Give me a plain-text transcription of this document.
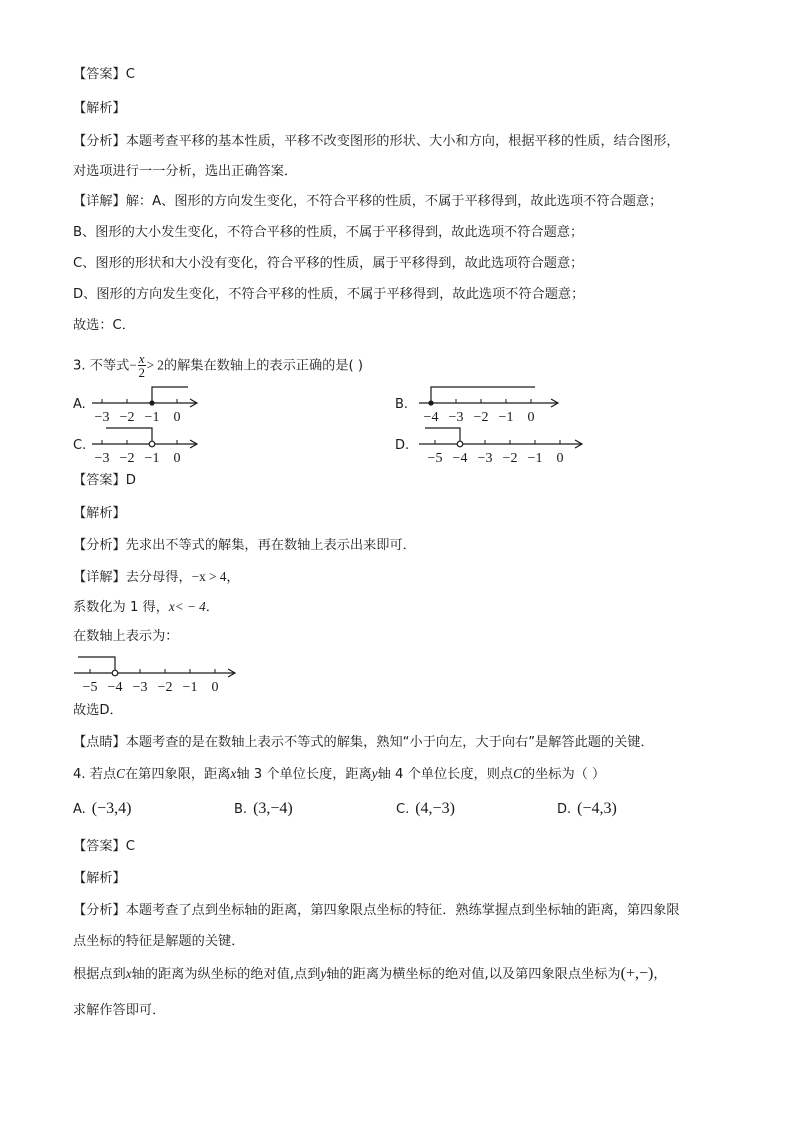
【答案】C
【解析】
【分析】本题考查平移的基本性质，平移不改变图形的形状、大小和方向，根据平移的性质，结合图形，
对选项进行一一分析，选出正确答案．
【详解】解：A、图形的方向发生变化，不符合平移的性质，不属于平移得到，故此选项不符合题意；
B、图形的大小发生变化，不符合平移的性质，不属于平移得到，故此选项不符合题意；
C、图形的形状和大小没有变化，符合平移的性质，属于平移得到，故此选项符合题意；
D、图形的方向发生变化，不符合平移的性质，不属于平移得到，故此选项不符合题意；
故选：C．
3. 不等式− $\frac{x}{2} > 2$的解集在数轴上的表示正确的是( )
A.
−3 −2 −1 0
B.
−4 −3 −2 −1 0
C.
−3 −2 −1 0
D.
−5 −4 −3 −2 −1 0
【答案】D
【解析】
【分析】先求出不等式的解集，再在数轴上表示出来即可．
【详解】去分母得，−x > 4，
系数化为 1 得，x< − 4．
在数轴上表示为：
−5 −4 −3 −2 −1 0
故选D．
【点睛】本题考查的是在数轴上表示不等式的解集，熟知“小于向左，大于向右”是解答此题的关键．
4. 若点C在第四象限，距离x轴 3 个单位长度，距离y轴 4 个单位长度，则点C的坐标为（ ）
A. (−3,4)	B. (3,−4)	C. (4,−3)	D. (−4,3)
【答案】C
【解析】
【分析】本题考查了点到坐标轴的距离，第四象限点坐标的特征．熟练掌握点到坐标轴的距离，第四象限
点坐标的特征是解题的关键．
根据点到x轴的距离为纵坐标的绝对值,点到y轴的距离为横坐标的绝对值,以及第四象限点坐标为(+,−)，
求解作答即可．
